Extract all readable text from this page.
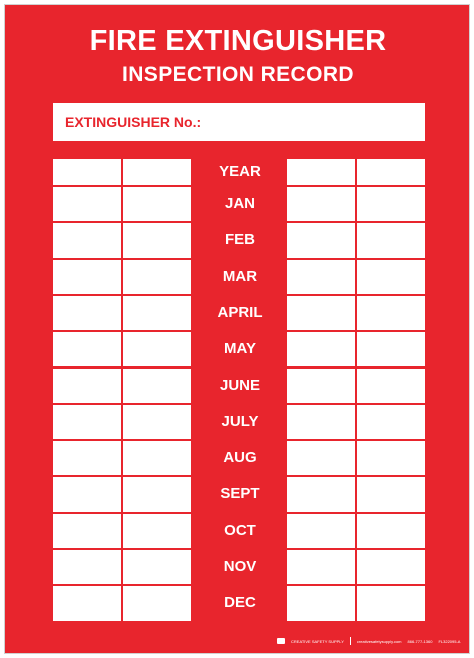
FIRE EXTINGUISHER
INSPECTION RECORD
EXTINGUISHER No.:
YEAR
JAN
FEB
MAR
APRIL
MAY
JUNE
JULY
AUG
SEPT
OCT
NOV
DEC
CREATIVE SAFETY SUPPLY	creativesafetysupply.com 866-777-1360 FL322095-A
